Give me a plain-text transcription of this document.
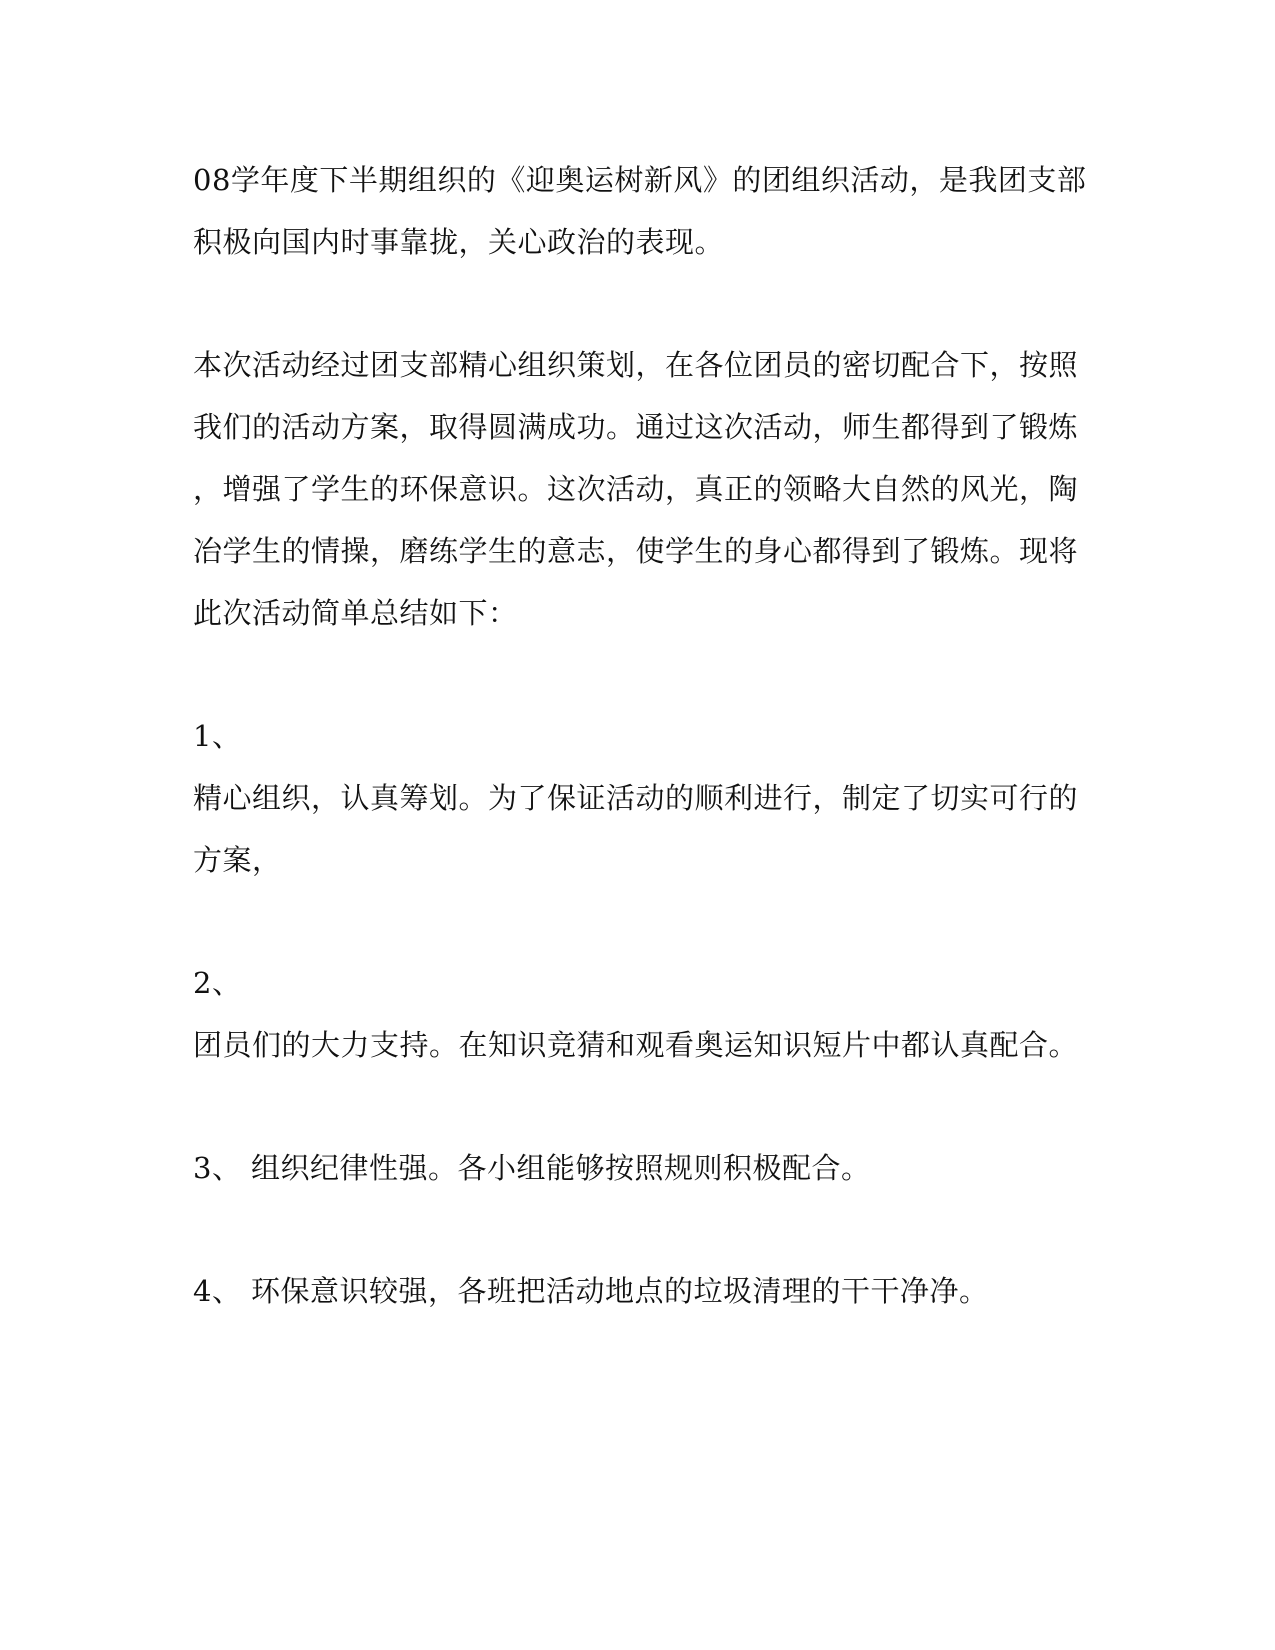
08学年度下半期组织的《迎奥运树新风》的团组织活动，是我团支部
积极向国内时事靠拢，关心政治的表现。
本次活动经过团支部精心组织策划，在各位团员的密切配合下，按照
我们的活动方案，取得圆满成功。通过这次活动，师生都得到了锻炼
，增强了学生的环保意识。这次活动，真正的领略大自然的风光，陶
冶学生的情操，磨练学生的意志，使学生的身心都得到了锻炼。现将
此次活动简单总结如下：
1、
精心组织，认真筹划。为了保证活动的顺利进行，制定了切实可行的
方案，
2、
团员们的大力支持。在知识竞猜和观看奥运知识短片中都认真配合。
3、 组织纪律性强。各小组能够按照规则积极配合。
4、 环保意识较强，各班把活动地点的垃圾清理的干干净净。
